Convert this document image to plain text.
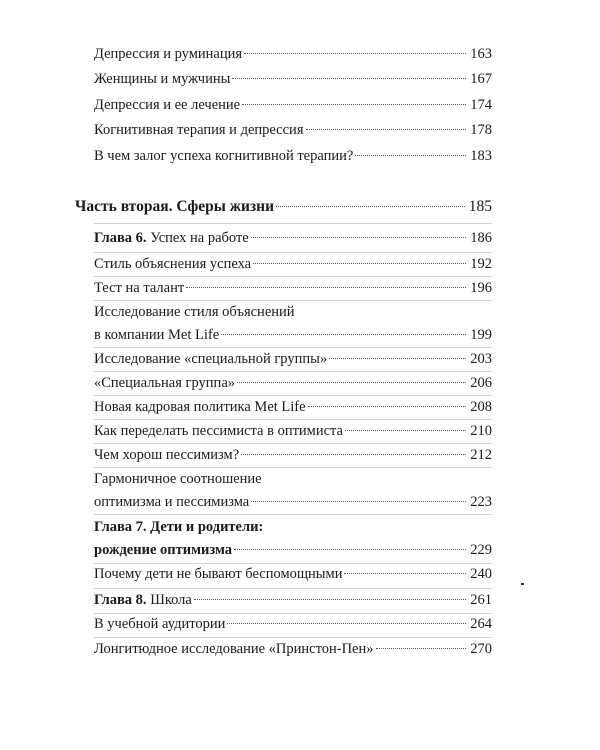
Депрессия и руминация	163
Женщины и мужчины	167
Депрессия и ее лечение	174
Когнитивная терапия и депрессия	178
В чем залог успеха когнитивной терапии?	183
Часть вторая. Сферы жизни	185
Глава 6. Успех на работе	186
Стиль объяснения успеха	192
Тест на талант	196
Исследование стиля объяснений
в компании Met Life	199
Исследование «специальной группы»	203
«Специальная группа»	206
Новая кадровая политика Met Life	208
Как переделать пессимиста в оптимиста	210
Чем хорош пессимизм?	212
Гармоничное соотношение
оптимизма и пессимизма	223
Глава 7. Дети и родители:
рождение оптимизма	229
Почему дети не бывают беспомощными	240
Глава 8. Школа	261
В учебной аудитории	264
Лонгитюдное исследование «Принстон-Пен»	270
